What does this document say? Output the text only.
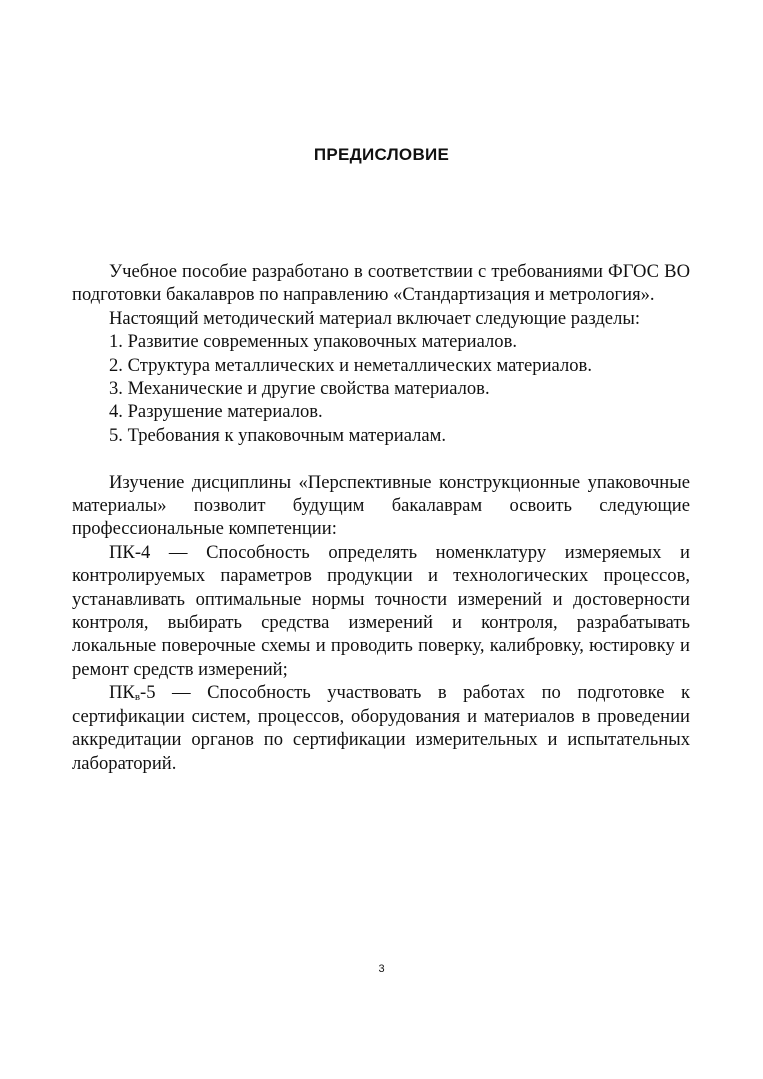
ПРЕДИСЛОВИЕ

Учебное пособие разработано в соответствии с требованиями ФГОС ВО подготовки бакалавров по направлению «Стандартизация и метрология».

Настоящий методический материал включает следующие разделы:

1. Развитие современных упаковочных материалов.

2. Структура металлических и неметаллических материалов.

3. Механические и другие свойства материалов.

4. Разрушение материалов.

5. Требования к упаковочным материалам.

Изучение дисциплины «Перспективные конструкционные упаковочные материалы» позволит будущим бакалаврам освоить следующие профессиональные компетенции:

ПК-4 — Способность определять номенклатуру измеряемых и контролируемых параметров продукции и технологических процессов, устанавливать оптимальные нормы точности измерений и достоверности контроля, выбирать средства измерений и контроля, разрабатывать локальные поверочные схемы и проводить поверку, калибровку, юстировку и ремонт средств измерений;

$ПК_в-5$ — Способность участвовать в работах по подготовке к сертификации систем, процессов, оборудования и материалов в проведении аккредитации органов по сертификации измерительных и испытательных лабораторий.

3
